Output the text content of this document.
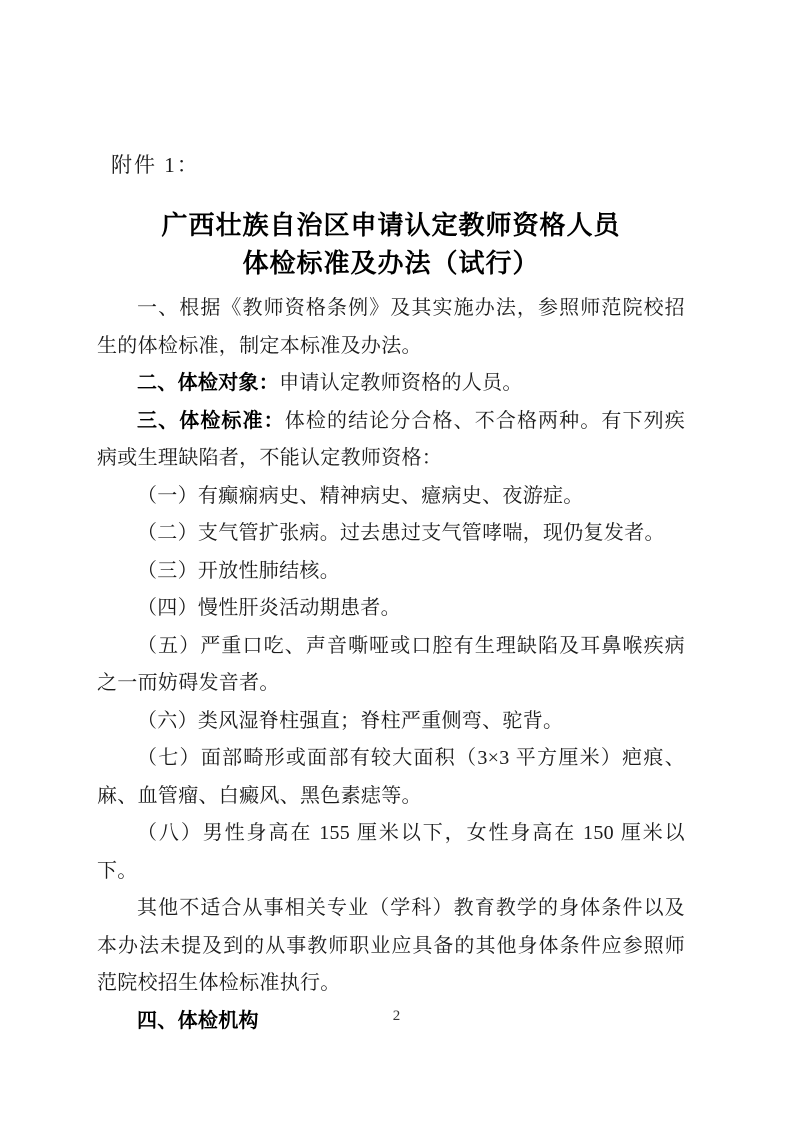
附件 1：

广西壮族自治区申请认定教师资格人员
体检标准及办法（试行）

一、根据《教师资格条例》及其实施办法，参照师范院校招生的体检标准，制定本标准及办法。

二、体检对象：申请认定教师资格的人员。

三、体检标准：体检的结论分合格、不合格两种。有下列疾病或生理缺陷者，不能认定教师资格：

（一）有癫痫病史、精神病史、癔病史、夜游症。

（二）支气管扩张病。过去患过支气管哮喘，现仍复发者。

（三）开放性肺结核。

（四）慢性肝炎活动期患者。

（五）严重口吃、声音嘶哑或口腔有生理缺陷及耳鼻喉疾病之一而妨碍发音者。

（六）类风湿脊柱强直；脊柱严重侧弯、驼背。

（七）面部畸形或面部有较大面积（3×3 平方厘米）疤痕、麻、血管瘤、白癜风、黑色素痣等。

（八）男性身高在 155 厘米以下，女性身高在 150 厘米以下。

其他不适合从事相关专业（学科）教育教学的身体条件以及本办法未提及到的从事教师职业应具备的其他身体条件应参照师范院校招生体检标准执行。

四、体检机构	2
